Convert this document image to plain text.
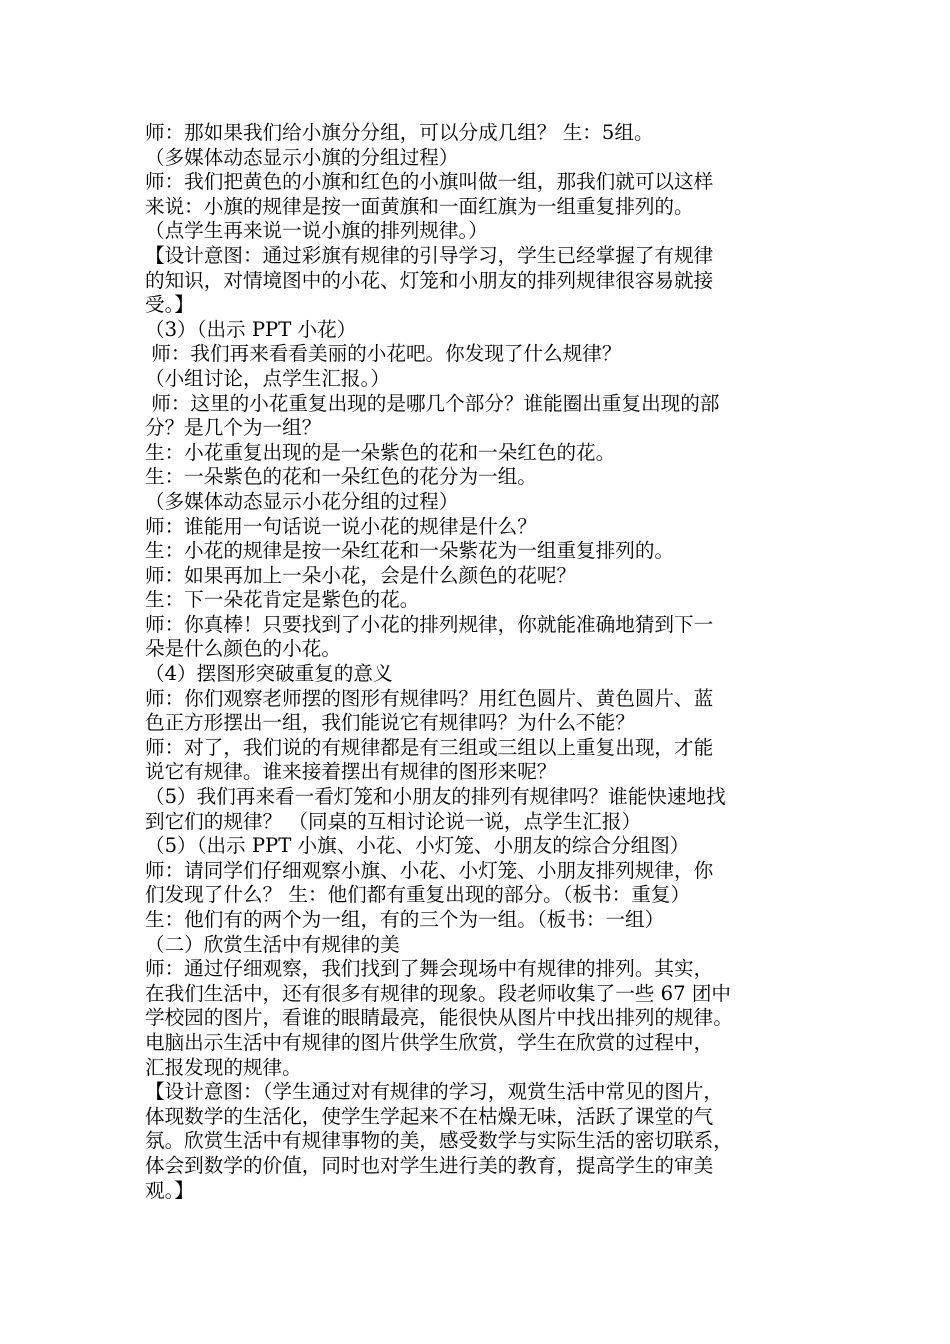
师：那如果我们给小旗分分组，可以分成几组？ 生：5组。
（多媒体动态显示小旗的分组过程）
师：我们把黄色的小旗和红色的小旗叫做一组，那我们就可以这样
来说：小旗的规律是按一面黄旗和一面红旗为一组重复排列的。
（点学生再来说一说小旗的排列规律。）
【设计意图：通过彩旗有规律的引导学习，学生已经掌握了有规律
的知识，对情境图中的小花、灯笼和小朋友的排列规律很容易就接
受。】
（3）（出示 PPT 小花）
师：我们再来看看美丽的小花吧。你发现了什么规律？
（小组讨论，点学生汇报。）
师：这里的小花重复出现的是哪几个部分？谁能圈出重复出现的部
分？是几个为一组？
生：小花重复出现的是一朵紫色的花和一朵红色的花。
生：一朵紫色的花和一朵红色的花分为一组。
（多媒体动态显示小花分组的过程）
师：谁能用一句话说一说小花的规律是什么？
生：小花的规律是按一朵红花和一朵紫花为一组重复排列的。
师：如果再加上一朵小花，会是什么颜色的花呢？
生：下一朵花肯定是紫色的花。
师：你真棒！只要找到了小花的排列规律，你就能准确地猜到下一
朵是什么颜色的小花。
（4）摆图形突破重复的意义
师：你们观察老师摆的图形有规律吗？用红色圆片、黄色圆片、蓝
色正方形摆出一组，我们能说它有规律吗？为什么不能？
师：对了，我们说的有规律都是有三组或三组以上重复出现，才能
说它有规律。谁来接着摆出有规律的图形来呢？
（5）我们再来看一看灯笼和小朋友的排列有规律吗？谁能快速地找
到它们的规律？ （同桌的互相讨论说一说，点学生汇报）
（5）（出示 PPT 小旗、小花、小灯笼、小朋友的综合分组图）
师：请同学们仔细观察小旗、小花、小灯笼、小朋友排列规律，你
们发现了什么？ 生：他们都有重复出现的部分。（板书：重复）
生：他们有的两个为一组，有的三个为一组。（板书：一组）
（二）欣赏生活中有规律的美
师：通过仔细观察，我们找到了舞会现场中有规律的排列。其实，
在我们生活中，还有很多有规律的现象。段老师收集了一些 67 团中
学校园的图片，看谁的眼睛最亮，能很快从图片中找出排列的规律。
电脑出示生活中有规律的图片供学生欣赏，学生在欣赏的过程中，
汇报发现的规律。
【设计意图：（学生通过对有规律的学习，观赏生活中常见的图片，
体现数学的生活化，使学生学起来不在枯燥无味，活跃了课堂的气
氛。欣赏生活中有规律事物的美，感受数学与实际生活的密切联系，
体会到数学的价值，同时也对学生进行美的教育，提高学生的审美
观。】
